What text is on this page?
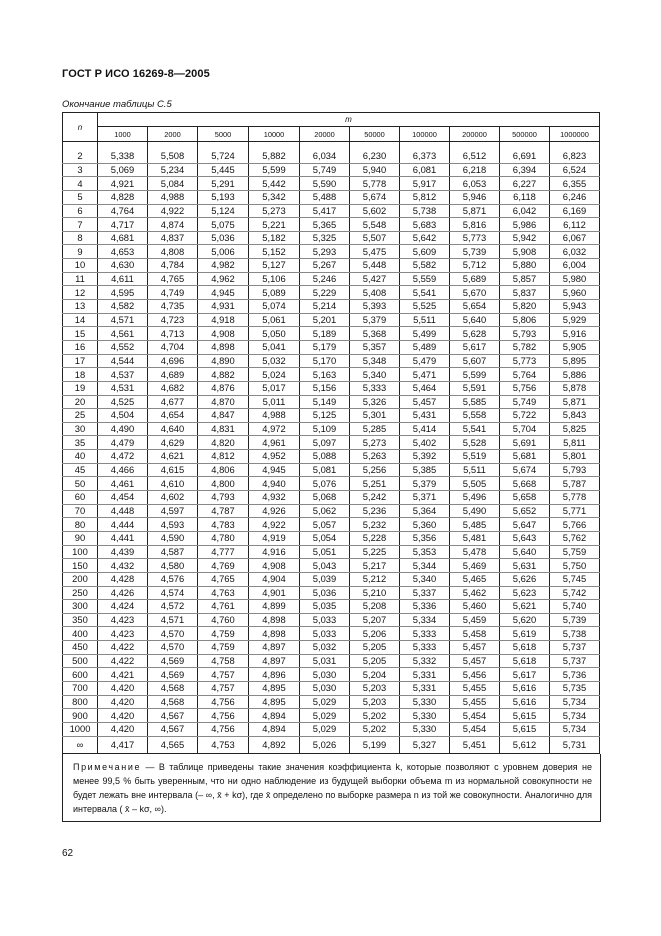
ГОСТ Р ИСО 16269-8—2005
Окончание таблицы С.5
n	m									
	1000	2000	5000	10000	20000	50000	100000	200000	500000	1000000

2	5,338	5,508	5,724	5,882	6,034	6,230	6,373	6,512	6,691	6,823
3	5,069	5,234	5,445	5,599	5,749	5,940	6,081	6,218	6,394	6,524
4	4,921	5,084	5,291	5,442	5,590	5,778	5,917	6,053	6,227	6,355
5	4,828	4,988	5,193	5,342	5,488	5,674	5,812	5,946	6,118	6,246
6	4,764	4,922	5,124	5,273	5,417	5,602	5,738	5,871	6,042	6,169
7	4,717	4,874	5,075	5,221	5,365	5,548	5,683	5,816	5,986	6,112
8	4,681	4,837	5,036	5,182	5,325	5,507	5,642	5,773	5,942	6,067
9	4,653	4,808	5,006	5,152	5,293	5,475	5,609	5,739	5,908	6,032
10	4,630	4,784	4,982	5,127	5,267	5,448	5,582	5,712	5,880	6,004
11	4,611	4,765	4,962	5,106	5,246	5,427	5,559	5,689	5,857	5,980
12	4,595	4,749	4,945	5,089	5,229	5,408	5,541	5,670	5,837	5,960
13	4,582	4,735	4,931	5,074	5,214	5,393	5,525	5,654	5,820	5,943
14	4,571	4,723	4,918	5,061	5,201	5,379	5,511	5,640	5,806	5,929
15	4,561	4,713	4,908	5,050	5,189	5,368	5,499	5,628	5,793	5,916
16	4,552	4,704	4,898	5,041	5,179	5,357	5,489	5,617	5,782	5,905
17	4,544	4,696	4,890	5,032	5,170	5,348	5,479	5,607	5,773	5,895
18	4,537	4,689	4,882	5,024	5,163	5,340	5,471	5,599	5,764	5,886
19	4,531	4,682	4,876	5,017	5,156	5,333	5,464	5,591	5,756	5,878
20	4,525	4,677	4,870	5,011	5,149	5,326	5,457	5,585	5,749	5,871
25	4,504	4,654	4,847	4,988	5,125	5,301	5,431	5,558	5,722	5,843
30	4,490	4,640	4,831	4,972	5,109	5,285	5,414	5,541	5,704	5,825
35	4,479	4,629	4,820	4,961	5,097	5,273	5,402	5,528	5,691	5,811
40	4,472	4,621	4,812	4,952	5,088	5,263	5,392	5,519	5,681	5,801
45	4,466	4,615	4,806	4,945	5,081	5,256	5,385	5,511	5,674	5,793
50	4,461	4,610	4,800	4,940	5,076	5,251	5,379	5,505	5,668	5,787
60	4,454	4,602	4,793	4,932	5,068	5,242	5,371	5,496	5,658	5,778
70	4,448	4,597	4,787	4,926	5,062	5,236	5,364	5,490	5,652	5,771
80	4,444	4,593	4,783	4,922	5,057	5,232	5,360	5,485	5,647	5,766
90	4,441	4,590	4,780	4,919	5,054	5,228	5,356	5,481	5,643	5,762
100	4,439	4,587	4,777	4,916	5,051	5,225	5,353	5,478	5,640	5,759
150	4,432	4,580	4,769	4,908	5,043	5,217	5,344	5,469	5,631	5,750
200	4,428	4,576	4,765	4,904	5,039	5,212	5,340	5,465	5,626	5,745
250	4,426	4,574	4,763	4,901	5,036	5,210	5,337	5,462	5,623	5,742
300	4,424	4,572	4,761	4,899	5,035	5,208	5,336	5,460	5,621	5,740
350	4,423	4,571	4,760	4,898	5,033	5,207	5,334	5,459	5,620	5,739
400	4,423	4,570	4,759	4,898	5,033	5,206	5,333	5,458	5,619	5,738
450	4,422	4,570	4,759	4,897	5,032	5,205	5,333	5,457	5,618	5,737
500	4,422	4,569	4,758	4,897	5,031	5,205	5,332	5,457	5,618	5,737
600	4,421	4,569	4,757	4,896	5,030	5,204	5,331	5,456	5,617	5,736
700	4,420	4,568	4,757	4,895	5,030	5,203	5,331	5,455	5,616	5,735
800	4,420	4,568	4,756	4,895	5,029	5,203	5,330	5,455	5,616	5,734
900	4,420	4,567	4,756	4,894	5,029	5,202	5,330	5,454	5,615	5,734
1000	4,420	4,567	4,756	4,894	5,029	5,202	5,330	5,454	5,615	5,734
∞	4,417	4,565	4,753	4,892	5,026	5,199	5,327	5,451	5,612	5,731
Примечание — В таблице приведены такие значения коэффициента k, которые позволяют с уровнем доверия не менее 99,5 % быть уверенным, что ни одно наблюдение из будущей выборки объема m из нормальной совокупности не будет лежать вне интервала (– ∞, x̄ + kσ), где x̄ определено по выборке размера n из той же совокупности. Аналогично для интервала ( x̄ – kσ, ∞).
62
